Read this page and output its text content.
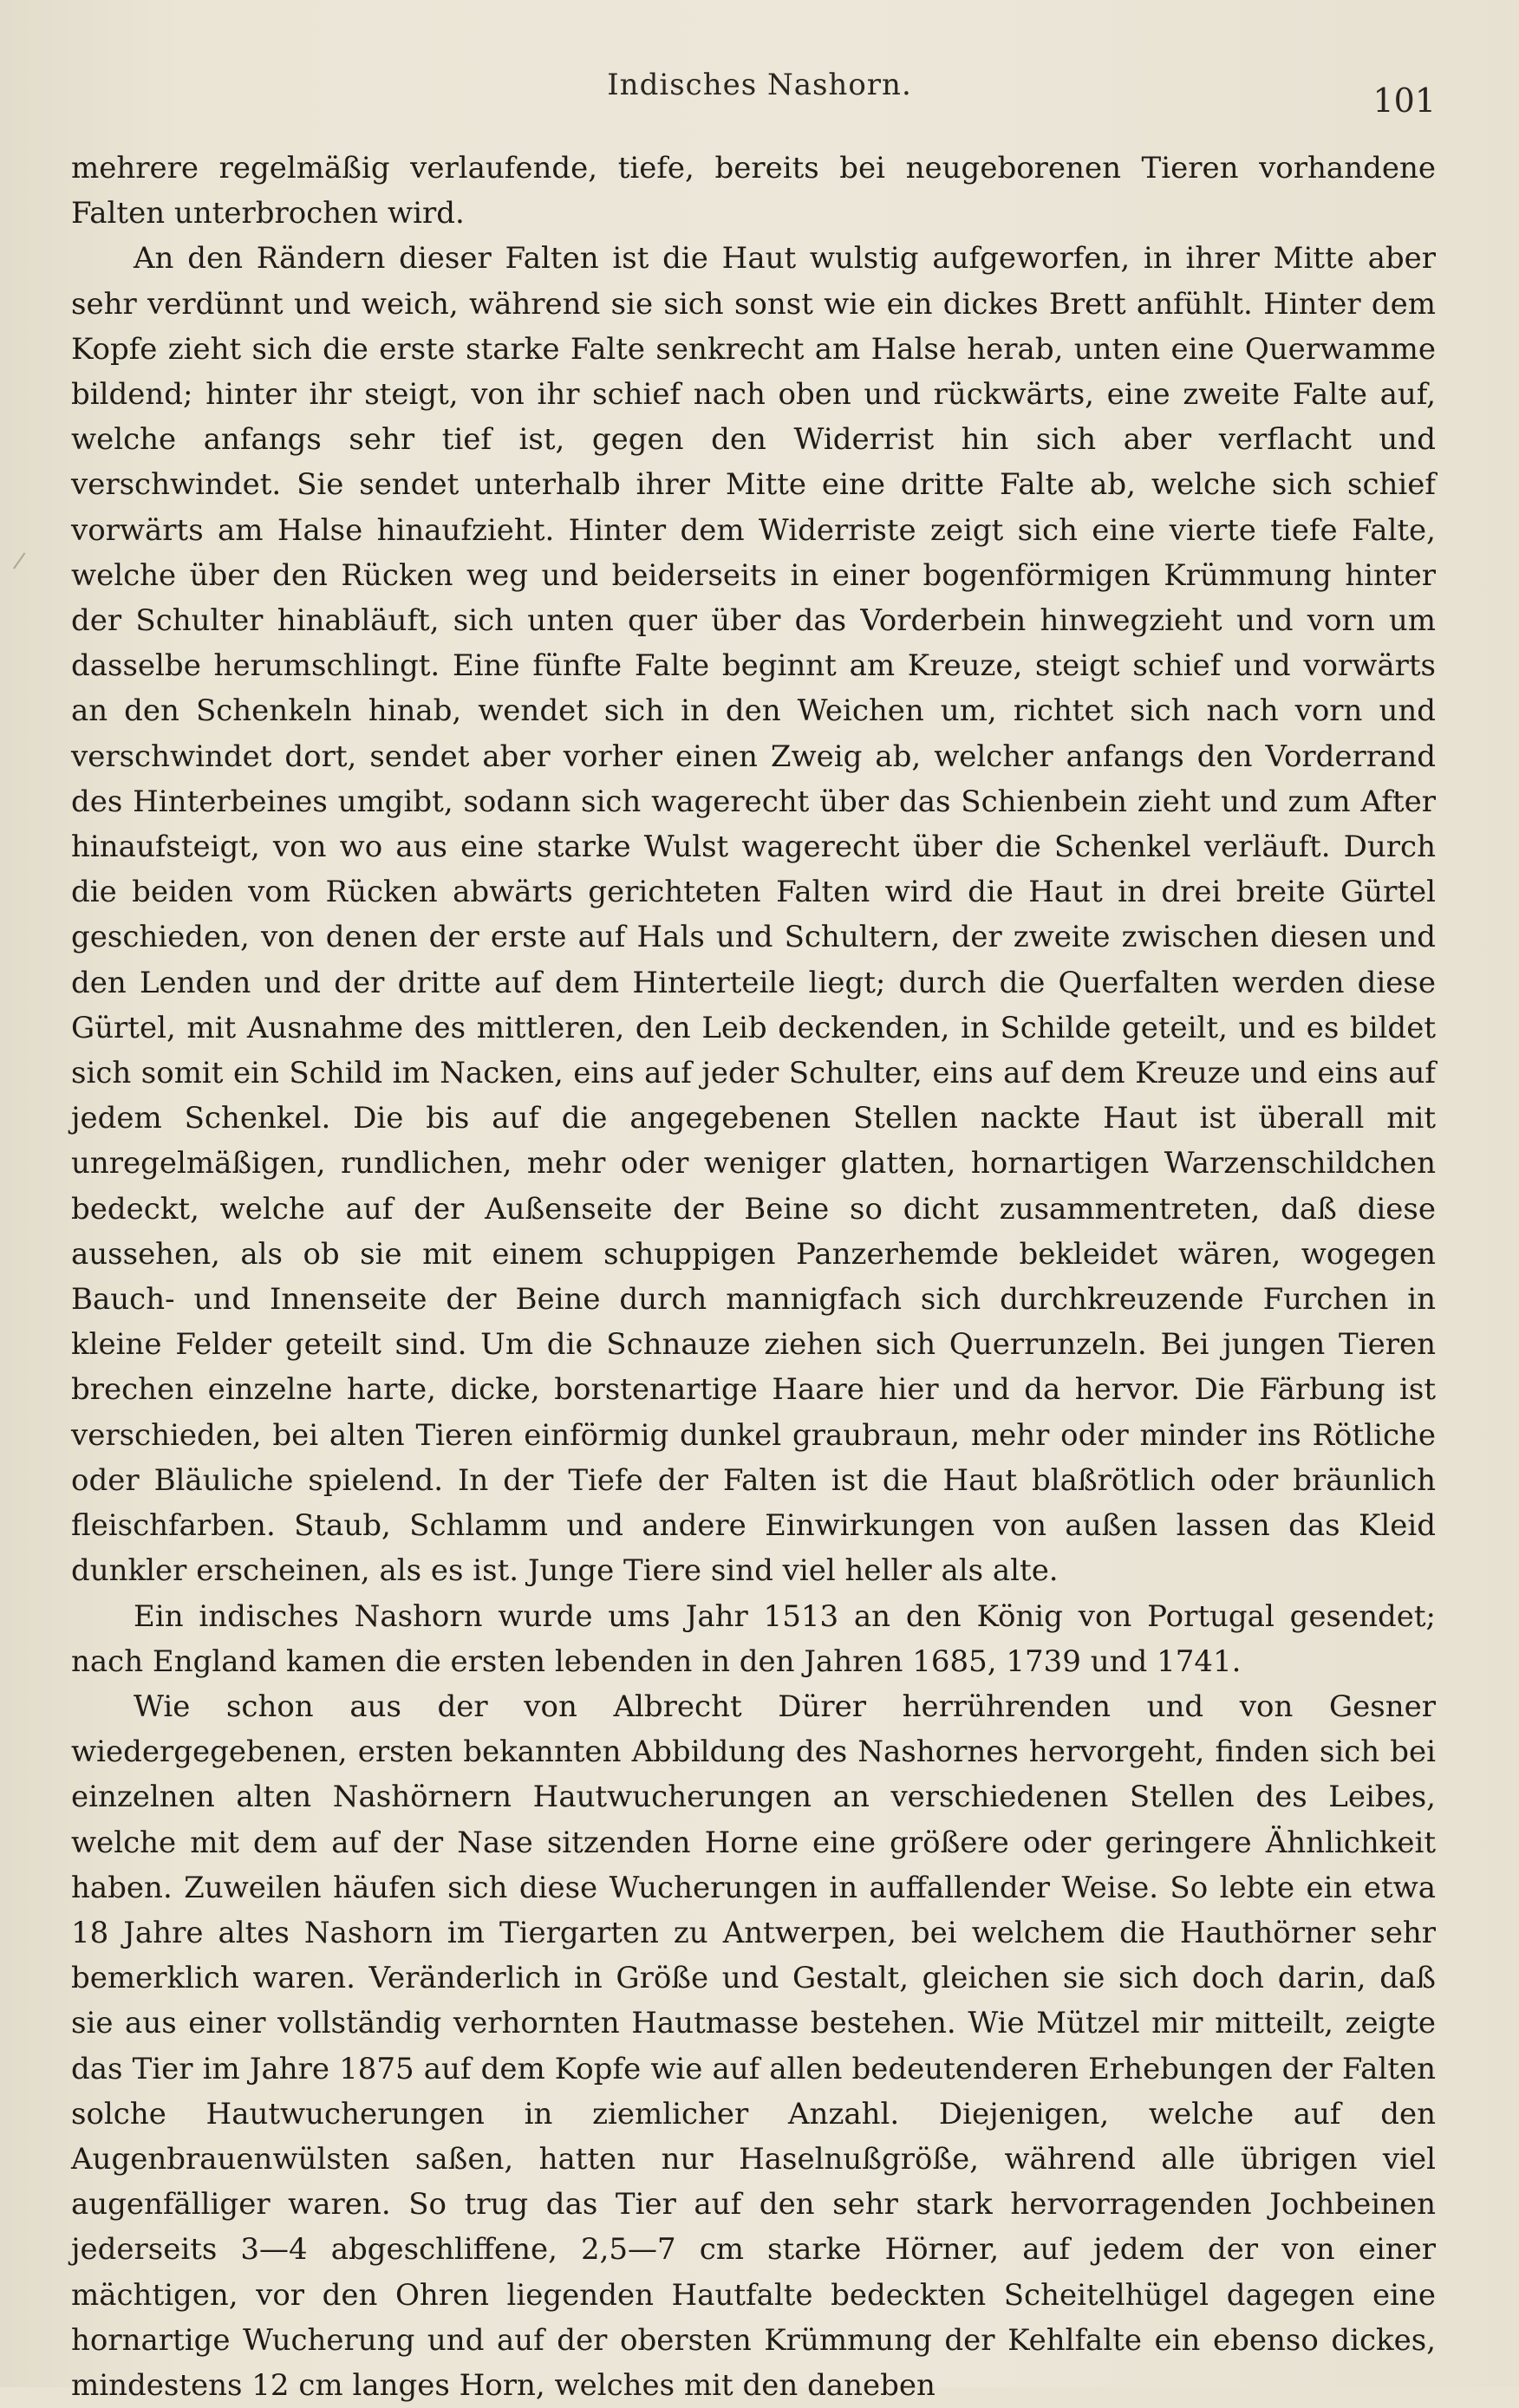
Indisches Nashorn.	101

mehrere regelmäßig verlaufende, tiefe, bereits bei neugeborenen Tieren vorhandene Falten unterbrochen wird.

An den Rändern dieser Falten ist die Haut wulstig aufgeworfen, in ihrer Mitte aber sehr verdünnt und weich, während sie sich sonst wie ein dickes Brett anfühlt. Hinter dem Kopfe zieht sich die erste starke Falte senkrecht am Halse herab, unten eine Querwamme bildend; hinter ihr steigt, von ihr schief nach oben und rückwärts, eine zweite Falte auf, welche anfangs sehr tief ist, gegen den Widerrist hin sich aber verflacht und verschwindet. Sie sendet unterhalb ihrer Mitte eine dritte Falte ab, welche sich schief vorwärts am Halse hinaufzieht. Hinter dem Widerriste zeigt sich eine vierte tiefe Falte, welche über den Rücken weg und beiderseits in einer bogenförmigen Krümmung hinter der Schulter hinabläuft, sich unten quer über das Vorderbein hinwegzieht und vorn um dasselbe herumschlingt. Eine fünfte Falte beginnt am Kreuze, steigt schief und vorwärts an den Schenkeln hinab, wendet sich in den Weichen um, richtet sich nach vorn und verschwindet dort, sendet aber vorher einen Zweig ab, welcher anfangs den Vorderrand des Hinterbeines umgibt, sodann sich wagerecht über das Schienbein zieht und zum After hinaufsteigt, von wo aus eine starke Wulst wagerecht über die Schenkel verläuft. Durch die beiden vom Rücken abwärts gerichteten Falten wird die Haut in drei breite Gürtel geschieden, von denen der erste auf Hals und Schultern, der zweite zwischen diesen und den Lenden und der dritte auf dem Hinterteile liegt; durch die Querfalten werden diese Gürtel, mit Ausnahme des mittleren, den Leib deckenden, in Schilde geteilt, und es bildet sich somit ein Schild im Nacken, eins auf jeder Schulter, eins auf dem Kreuze und eins auf jedem Schenkel. Die bis auf die angegebenen Stellen nackte Haut ist überall mit unregelmäßigen, rundlichen, mehr oder weniger glatten, hornartigen Warzenschildchen bedeckt, welche auf der Außenseite der Beine so dicht zusammentreten, daß diese aussehen, als ob sie mit einem schuppigen Panzerhemde bekleidet wären, wogegen Bauch- und Innenseite der Beine durch mannigfach sich durchkreuzende Furchen in kleine Felder geteilt sind. Um die Schnauze ziehen sich Querrunzeln. Bei jungen Tieren brechen einzelne harte, dicke, borstenartige Haare hier und da hervor. Die Färbung ist verschieden, bei alten Tieren einförmig dunkel graubraun, mehr oder minder ins Rötliche oder Bläuliche spielend. In der Tiefe der Falten ist die Haut blaßrötlich oder bräunlich fleischfarben. Staub, Schlamm und andere Einwirkungen von außen lassen das Kleid dunkler erscheinen, als es ist. Junge Tiere sind viel heller als alte.

Ein indisches Nashorn wurde ums Jahr 1513 an den König von Portugal gesendet; nach England kamen die ersten lebenden in den Jahren 1685, 1739 und 1741.

Wie schon aus der von Albrecht Dürer herrührenden und von Gesner wiedergegebenen, ersten bekannten Abbildung des Nashornes hervorgeht, finden sich bei einzelnen alten Nashörnern Hautwucherungen an verschiedenen Stellen des Leibes, welche mit dem auf der Nase sitzenden Horne eine größere oder geringere Ähnlichkeit haben. Zuweilen häufen sich diese Wucherungen in auffallender Weise. So lebte ein etwa 18 Jahre altes Nashorn im Tiergarten zu Antwerpen, bei welchem die Hauthörner sehr bemerklich waren. Veränderlich in Größe und Gestalt, gleichen sie sich doch darin, daß sie aus einer vollständig verhornten Hautmasse bestehen. Wie Mützel mir mitteilt, zeigte das Tier im Jahre 1875 auf dem Kopfe wie auf allen bedeutenderen Erhebungen der Falten solche Hautwucherungen in ziemlicher Anzahl. Diejenigen, welche auf den Augenbrauenwülsten saßen, hatten nur Haselnußgröße, während alle übrigen viel augenfälliger waren. So trug das Tier auf den sehr stark hervorragenden Jochbeinen jederseits 3—4 abgeschliffene, 2,5—7 cm starke Hörner, auf jedem der von einer mächtigen, vor den Ohren liegenden Hautfalte bedeckten Scheitelhügel dagegen eine hornartige Wucherung und auf der obersten Krümmung der Kehlfalte ein ebenso dickes, mindestens 12 cm langes Horn, welches mit den daneben
